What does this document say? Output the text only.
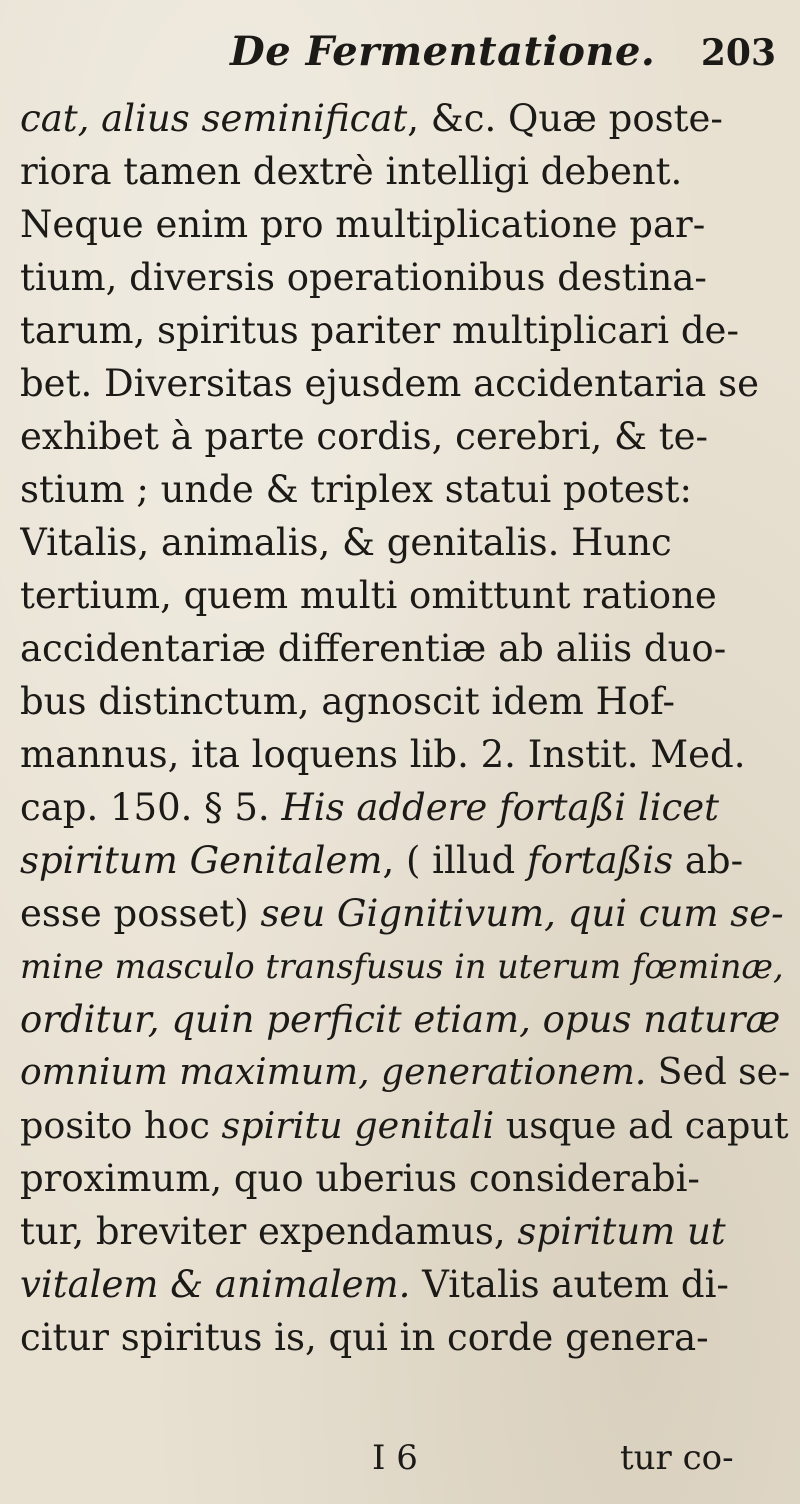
De Fermentatione. 203
cat, alius seminificat, &c. Quæ poste-
riora tamen dextrè intelligi debent.
Neque enim pro multiplicatione par-
tium, diversis operationibus destina-
tarum, spiritus pariter multiplicari de-
bet. Diversitas ejusdem accidentaria se
exhibet à parte cordis, cerebri, & te-
stium ; unde & triplex statui potest:
Vitalis, animalis, & genitalis. Hunc
tertium, quem multi omittunt ratione
accidentariæ differentiæ ab aliis duo-
bus distinctum, agnoscit idem Hof-
mannus, ita loquens lib. 2. Instit. Med.
cap. 150. § 5. His addere fortaßi licet
spiritum Genitalem, ( illud fortaßis ab-
esse posset) seu Gignitivum, qui cum se-
mine masculo transfusus in uterum fœminæ,
orditur, quin perficit etiam, opus naturæ
omnium maximum, generationem. Sed se-
posito hoc spiritu genitali usque ad caput
proximum, quo uberius considerabi-
tur, breviter expendamus, spiritum ut
vitalem & animalem. Vitalis autem di-
citur spiritus is, qui in corde genera-
I 6	tur co-
